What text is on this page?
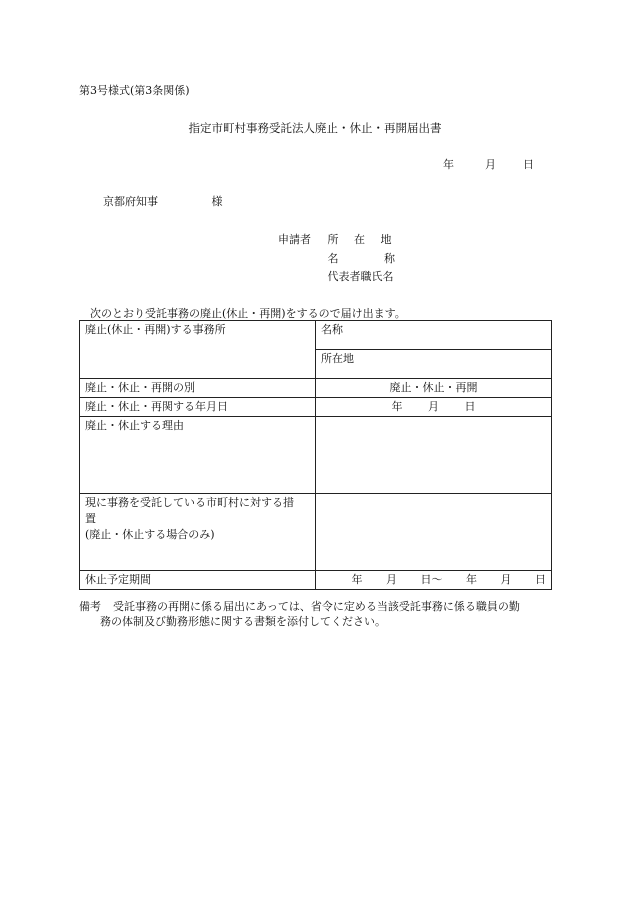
第3号様式(第3条関係)
指定市町村事務受託法人廃止・休止・再開届出書
年	月 日
京都府知事	様
申請者 所 在 地
名 称
代表者職氏名
次のとおり受託事務の廃止(休止・再開)をするので届け出ます。
廃止(休止・再開)する事務所	名称
	所在地
廃止・休止・再開の別	廃止・休止・再開
廃止・休止・再関する年月日	年 月 日
廃止・休止する理由	

現に事務を受託している市町村に対する措
置
(廃止・休止する場合のみ)	

休止予定期間	年 月 日～ 年 月 日
備考 受託事務の再開に係る届出にあっては、省令に定める当該受託事務に係る職員の勤
務の体制及び勤務形態に関する書類を添付してください。
